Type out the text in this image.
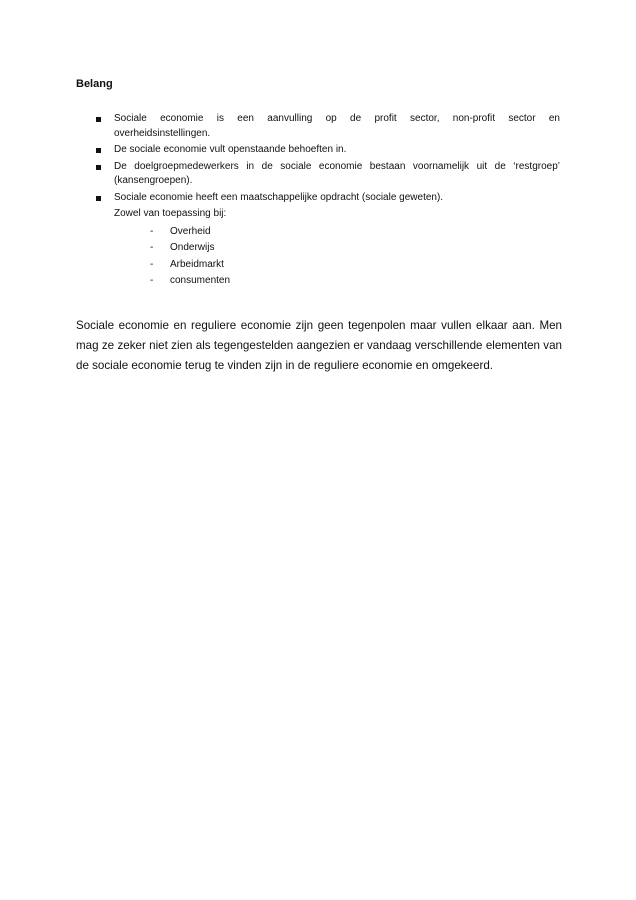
Belang

Sociale economie is een aanvulling op de profit sector, non-profit sector en
overheidsinstellingen.
De sociale economie vult openstaande behoeften in.
De doelgroepmedewerkers in de sociale economie bestaan voornamelijk uit de ‘restgroep’
(kansengroepen).
Sociale economie heeft een maatschappelijke opdracht (sociale geweten).
Zowel van toepassing bij:
- Overheid
- Onderwijs
- Arbeidmarkt
- consumenten

Sociale economie en reguliere economie zijn geen tegenpolen maar vullen elkaar aan. Men mag ze zeker niet zien als tegengestelden aangezien er vandaag verschillende elementen van de sociale economie terug te vinden zijn in de reguliere economie en omgekeerd.
